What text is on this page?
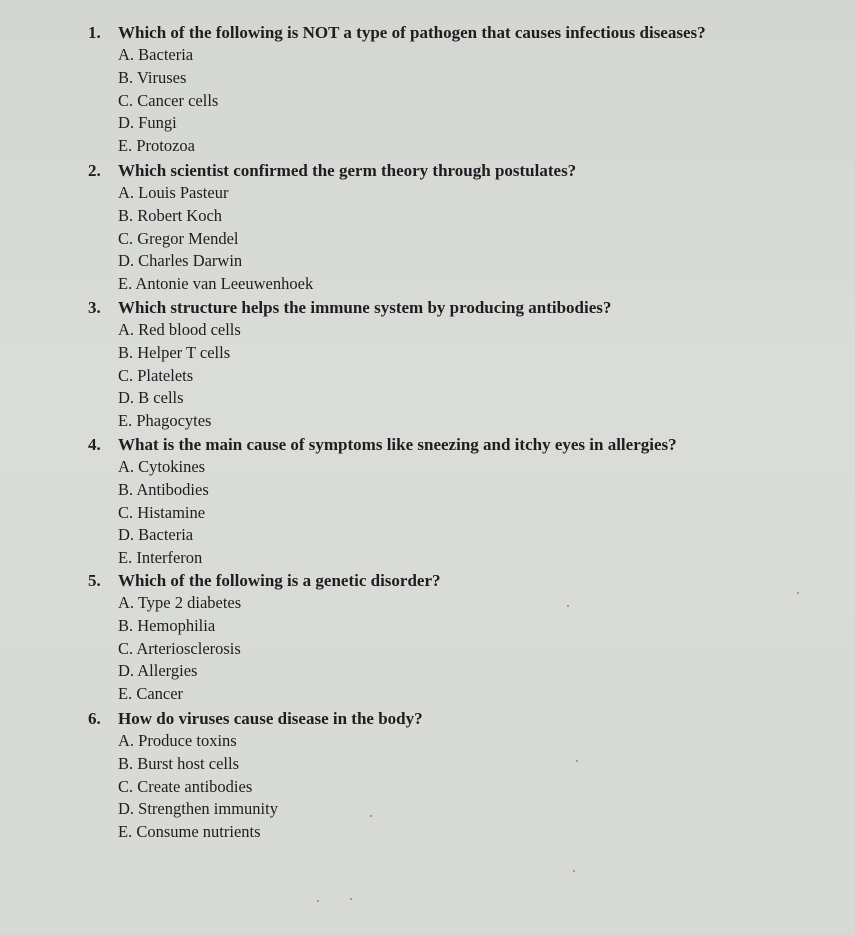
1.	Which of the following is NOT a type of pathogen that causes infectious diseases?
A. Bacteria
B. Viruses
C. Cancer cells
D. Fungi
E. Protozoa
2.	Which scientist confirmed the germ theory through postulates?
A. Louis Pasteur
B. Robert Koch
C. Gregor Mendel
D. Charles Darwin
E. Antonie van Leeuwenhoek
3.	Which structure helps the immune system by producing antibodies?
A. Red blood cells
B. Helper T cells
C. Platelets
D. B cells
E. Phagocytes
4.	What is the main cause of symptoms like sneezing and itchy eyes in allergies?
A. Cytokines
B. Antibodies
C. Histamine
D. Bacteria
E. Interferon
5.	Which of the following is a genetic disorder?
A. Type 2 diabetes
B. Hemophilia
C. Arteriosclerosis
D. Allergies
E. Cancer
6.	How do viruses cause disease in the body?
A. Produce toxins
B. Burst host cells
C. Create antibodies
D. Strengthen immunity
E. Consume nutrients
